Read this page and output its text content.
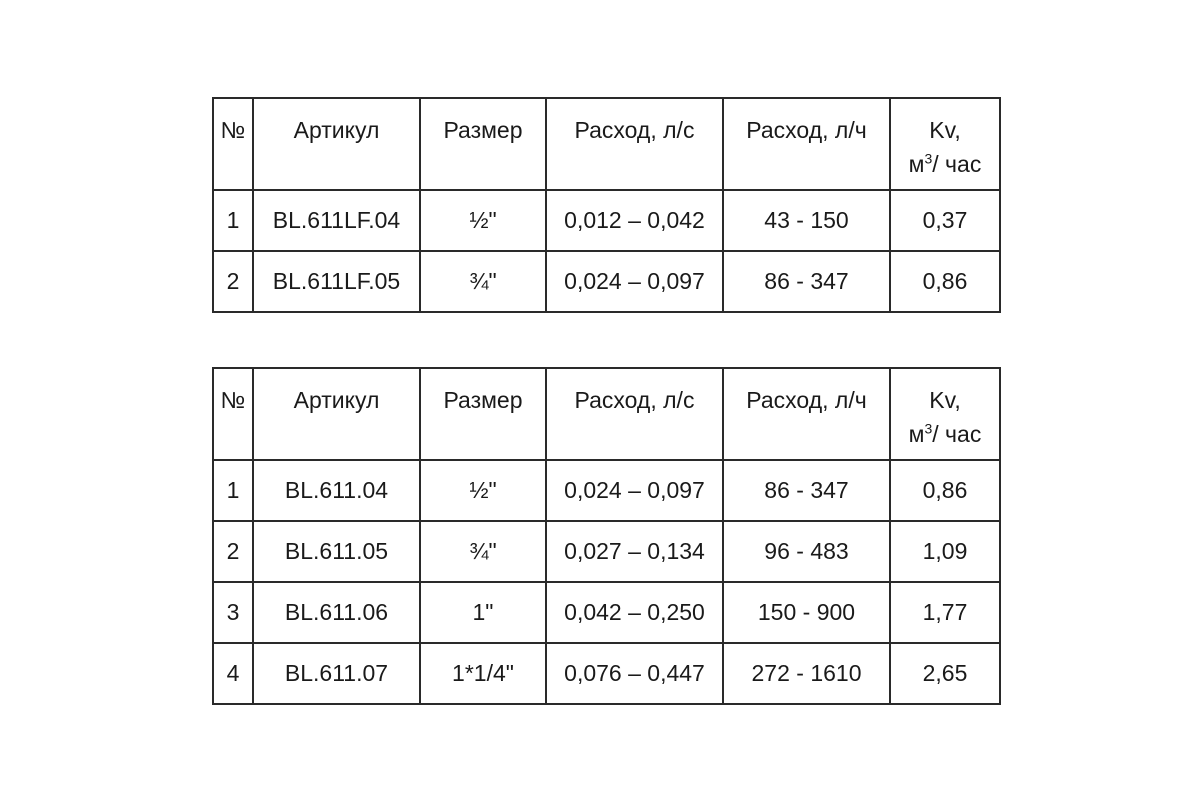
№	Артикул	Размер	Расход, л/с	Расход, л/ч	Kv,
$м^3/$ час
1	BL.611LF.04	½"	0,012 – 0,042	43 - 150	0,37
2	BL.611LF.05	¾"	0,024 – 0,097	86 - 347	0,86
№	Артикул	Размер	Расход, л/с	Расход, л/ч	Kv,
$м^3/$ час
1	BL.611.04	½"	0,024 – 0,097	86 - 347	0,86
2	BL.611.05	¾"	0,027 – 0,134	96 - 483	1,09
3	BL.611.06	1"	0,042 – 0,250	150 - 900	1,77
4	BL.611.07	1*1/4"	0,076 – 0,447	272 - 1610	2,65
